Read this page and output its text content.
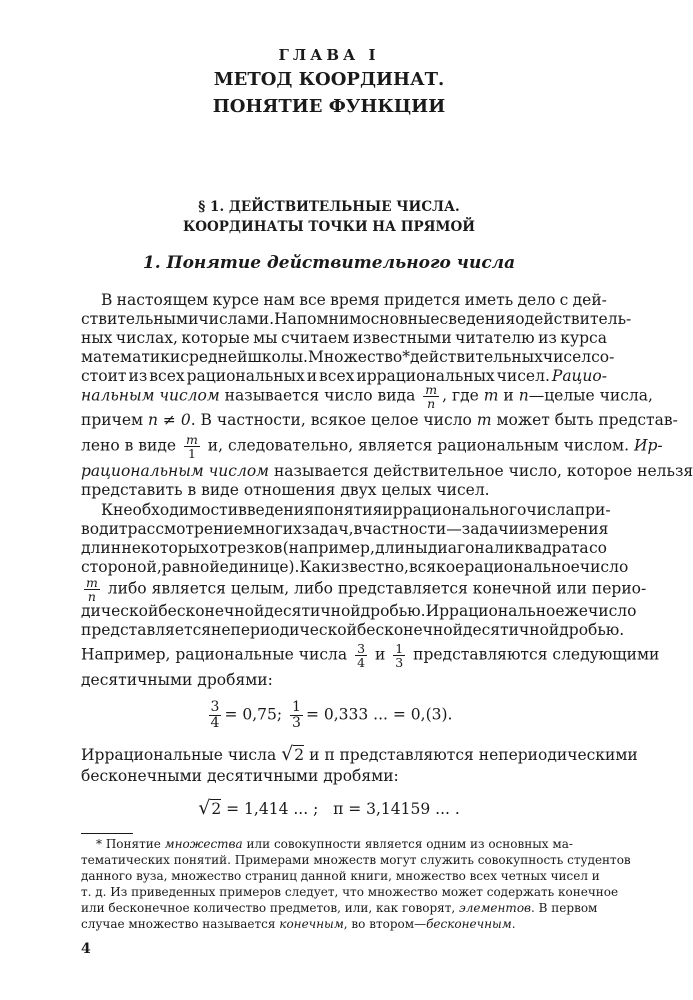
ГЛАВА I
МЕТОД КООРДИНАТ.
ПОНЯТИЕ ФУНКЦИИ
§ 1. ДЕЙСТВИТЕЛЬНЫЕ ЧИСЛА.
КООРДИНАТЫ ТОЧКИ НА ПРЯМОЙ
1. Понятие действительного числа
В настоящем курсе нам все время придется иметь дело с дей-
ствительными числами. Напомним основные сведения о действитель-
ных числах, которые мы считаем известными читателю из курса
математики средней школы. Множество* действительных чисел со-
стоит из всех рациональных и всех иррациональных чисел. Рацио-
нальным числом называется число вида $\frac{m}{n}$ , где m и n—целые числа,
причем n ≠ 0. В частности, всякое целое число m может быть представ-
лено в виде $\frac{m}{1} и$, следовательно, является рациональным числом. Ир-
рациональным числом называется действительное число, которое нельзя
представить в виде отношения двух целых чисел.
К необходимости введения понятия иррационального числа при-
водит рассмотрение многих задач, в частности—задачи измерения
длин некоторых отрезков (например, длины диагонали квадрата со
стороной, равной единице). Как известно, всякое рациональное число
$\frac{m}{n}$ либо является целым, либо представляется конечной или перио-
дической бесконечной десятичной дробью. Иррациональное же число
представляется непериодической бесконечной десятичной дробью.
Например, рациональные числа $\frac{3}{4}$ и $\frac{1}{3}$ представляются следующими
десятичными дробями:
$\frac{3}{4} = 0,75$; $\frac{1}{3} = 0,333$ ... = 0,(3).
Иррациональные числа √2 и π представляются непериодическими
бесконечными десятичными дробями:
√2 = 1,414 ... ; π = 3,14159 ... .
* Понятие множества или совокупности является одним из основных ма-
тематических понятий. Примерами множеств могут служить совокупность студентов
данного вуза, множество страниц данной книги, множество всех четных чисел и
т. д. Из приведенных примеров следует, что множество может содержать конечное
или бесконечное количество предметов, или, как говорят, элементов. В первом
случае множество называется конечным, во втором—бесконечным.
4
